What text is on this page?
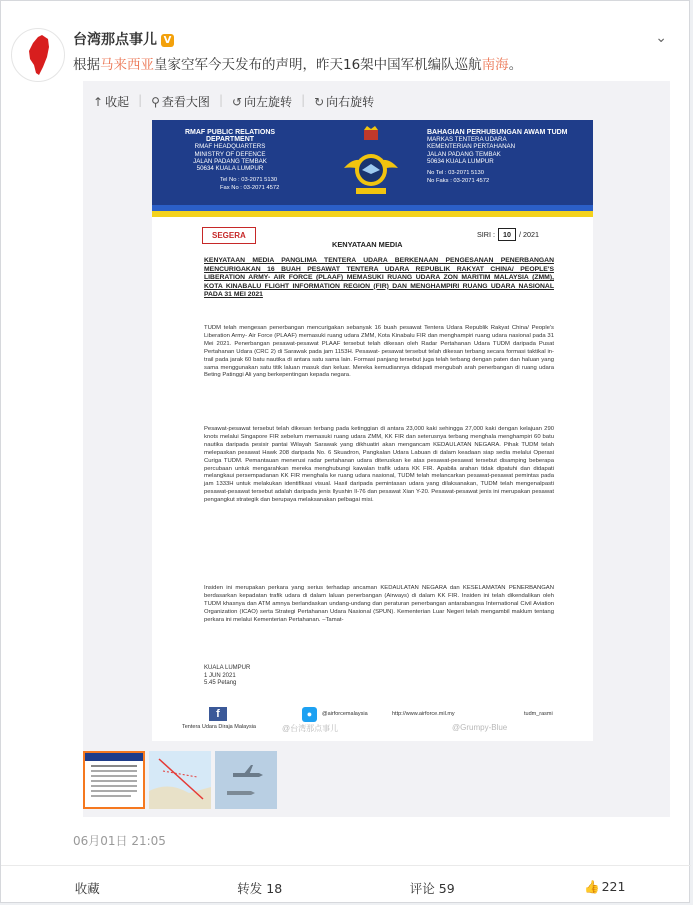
台湾那点事儿 V	⌄
根据马来西亚皇家空军今天发布的声明，昨天16架中国军机编队巡航南海。
↑ 收起 | ⚲ 查看大图 | ↺ 向左旋转 | ↻ 向右旋转
RMAF PUBLIC RELATIONS DEPARTMENT
RMAF HEADQUARTERS
MINISTRY OF DEFENCE
JALAN PADANG TEMBAK
50634 KUALA LUMPUR
Tel No : 03-2071 5130
Fax No : 03-2071 4572
BAHAGIAN PERHUBUNGAN AWAM TUDM
MARKAS TENTERA UDARA
KEMENTERIAN PERTAHANAN
JALAN PADANG TEMBAK
50634 KUALA LUMPUR
No Tel : 03-2071 5130
No Faks : 03-2071 4572
SEGERA	SIRI : 10 / 2021
KENYATAAN MEDIA
KENYATAAN MEDIA PANGLIMA TENTERA UDARA BERKENAAN PENGESANAN PENERBANGAN MENCURIGAKAN 16 BUAH PESAWAT TENTERA UDARA REPUBLIK RAKYAT CHINA/ PEOPLE'S LIBERATION ARMY- AIR FORCE (PLAAF) MEMASUKI RUANG UDARA ZON MARITIM MALAYSIA (ZMM), KOTA KINABALU FLIGHT INFORMATION REGION (FIR) DAN MENGHAMPIRI RUANG UDARA NASIONAL PADA 31 MEI 2021
TUDM telah mengesan penerbangan mencurigakan sebanyak 16 buah pesawat Tentera Udara Republik Rakyat China/ People's Liberation Army- Air Force (PLAAF) memasuki ruang udara ZMM, Kota Kinabalu FIR dan menghampiri ruang udara nasional pada 31 Mei 2021. Penerbangan pesawat-pesawat PLAAF tersebut telah dikesan oleh Radar Pertahanan Udara TUDM daripada Pusat Pertahanan Udara (CRC 2) di Sarawak pada jam 1153H. Pesawat- pesawat tersebut telah dikesan terbang secara formasi taktikal in-trail pada jarak 60 batu nautika di antara satu sama lain. Formasi panjang tersebut juga telah terbang dengan paten dan haluan yang sama menggunakan satu titik laluan masuk dan keluar. Mereka kemudiannya didapati mengubah arah penerbangan di ruang udara Beting Patinggi Ali yang berkepentingan kepada negara.
Pesawat-pesawat tersebut telah dikesan terbang pada ketinggian di antara 23,000 kaki sehingga 27,000 kaki dengan kelajuan 290 knots melalui Singapore FIR sebelum memasuki ruang udara ZMM, KK FIR dan seterusnya terbang menghala menghampiri 60 batu nautika daripada pesisir pantai Wilayah Sarawak yang dikhuatiri akan mengancam KEDAULATAN NEGARA. Pihak TUDM telah melepaskan pesawat Hawk 208 daripada No. 6 Skuadron, Pangkalan Udara Labuan di dalam keadaan siap sedia melalui Operasi Curiga TUDM. Pemantauan menerusi radar pertahanan udara diteruskan ke atas pesawat-pesawat tersebut disamping beberapa percubaan untuk mengarahkan mereka menghubungi kawalan trafik udara KK FIR. Apabila arahan tidak dipatuhi dan didapati melangkaui persempadanan KK FIR menghala ke ruang udara nasional, TUDM telah melancarkan pesawat-pesawat pemintas pada jam 1333H untuk melakukan identifikasi visual. Hasil daripada pemintasan udara yang dilaksanakan, TUDM telah mengenalpasti pesawat-pesawat tersebut adalah daripada jenis Ilyushin Il-76 dan pesawat Xian Y-20. Pesawat-pesawat jenis ini merupakan pesawat pengangkut strategik dan berupaya melaksanakan pelbagai misi.
Insiden ini merupakan perkara yang serius terhadap ancaman KEDAULATAN NEGARA dan KESELAMATAN PENERBANGAN berdasarkan kepadatan trafik udara di dalam laluan penerbangan (Airways) di dalam KK FIR. Insiden ini telah dikendalikan oleh TUDM khasnya dan ATM amnya berlandaskan undang-undang dan peraturan penerbangan antarabangsa International Civil Aviation Organization (ICAO) serta Strategi Pertahanan Udara Nasional (SPUN). Kementerian Luar Negeri telah mengambil maklum tentang perkara ini melalui Kementerian Pertahanan. –Tamat-
KUALA LUMPUR
1 JUN 2021
5.45 Petang
f
Tentera Udara Diraja Malaysia
●	@airforcemalaysia	http://www.airforce.mil.my	tudm_rasmi
@台湾那点事儿	@Grumpy-Blue
06月01日 21:05
收藏	转发 18	评论 59	👍 221
